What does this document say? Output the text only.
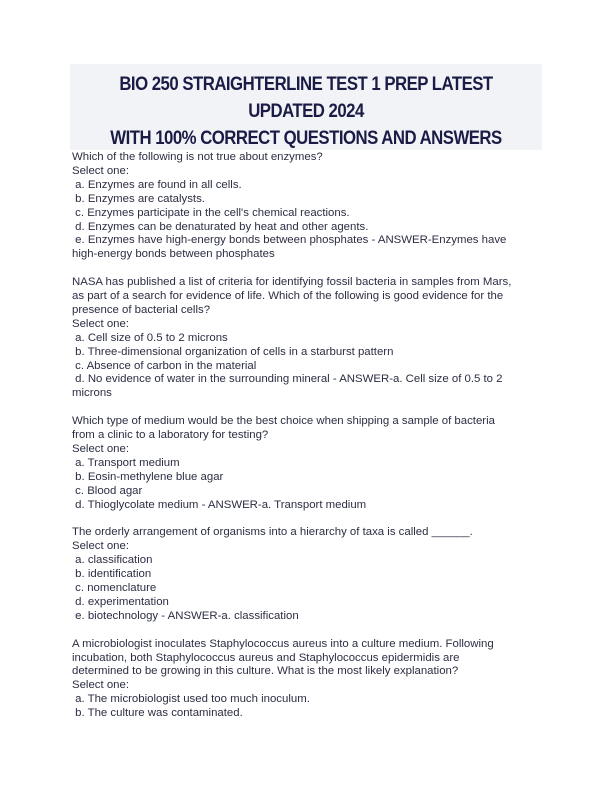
BIO 250 STRAIGHTERLINE TEST 1 PREP LATEST UPDATED 2024
WITH 100% CORRECT QUESTIONS AND ANSWERS
Which of the following is not true about enzymes?
Select one:
a. Enzymes are found in all cells.
b. Enzymes are catalysts.
c. Enzymes participate in the cell's chemical reactions.
d. Enzymes can be denaturated by heat and other agents.
e. Enzymes have high-energy bonds between phosphates - ANSWER-Enzymes have
high-energy bonds between phosphates
NASA has published a list of criteria for identifying fossil bacteria in samples from Mars,
as part of a search for evidence of life. Which of the following is good evidence for the
presence of bacterial cells?
Select one:
a. Cell size of 0.5 to 2 microns
b. Three-dimensional organization of cells in a starburst pattern
c. Absence of carbon in the material
d. No evidence of water in the surrounding mineral - ANSWER-a. Cell size of 0.5 to 2
microns
Which type of medium would be the best choice when shipping a sample of bacteria
from a clinic to a laboratory for testing?
Select one:
a. Transport medium
b. Eosin-methylene blue agar
c. Blood agar
d. Thioglycolate medium - ANSWER-a. Transport medium
The orderly arrangement of organisms into a hierarchy of taxa is called ______.
Select one:
a. classification
b. identification
c. nomenclature
d. experimentation
e. biotechnology - ANSWER-a. classification
A microbiologist inoculates Staphylococcus aureus into a culture medium. Following
incubation, both Staphylococcus aureus and Staphylococcus epidermidis are
determined to be growing in this culture. What is the most likely explanation?
Select one:
a. The microbiologist used too much inoculum.
b. The culture was contaminated.
